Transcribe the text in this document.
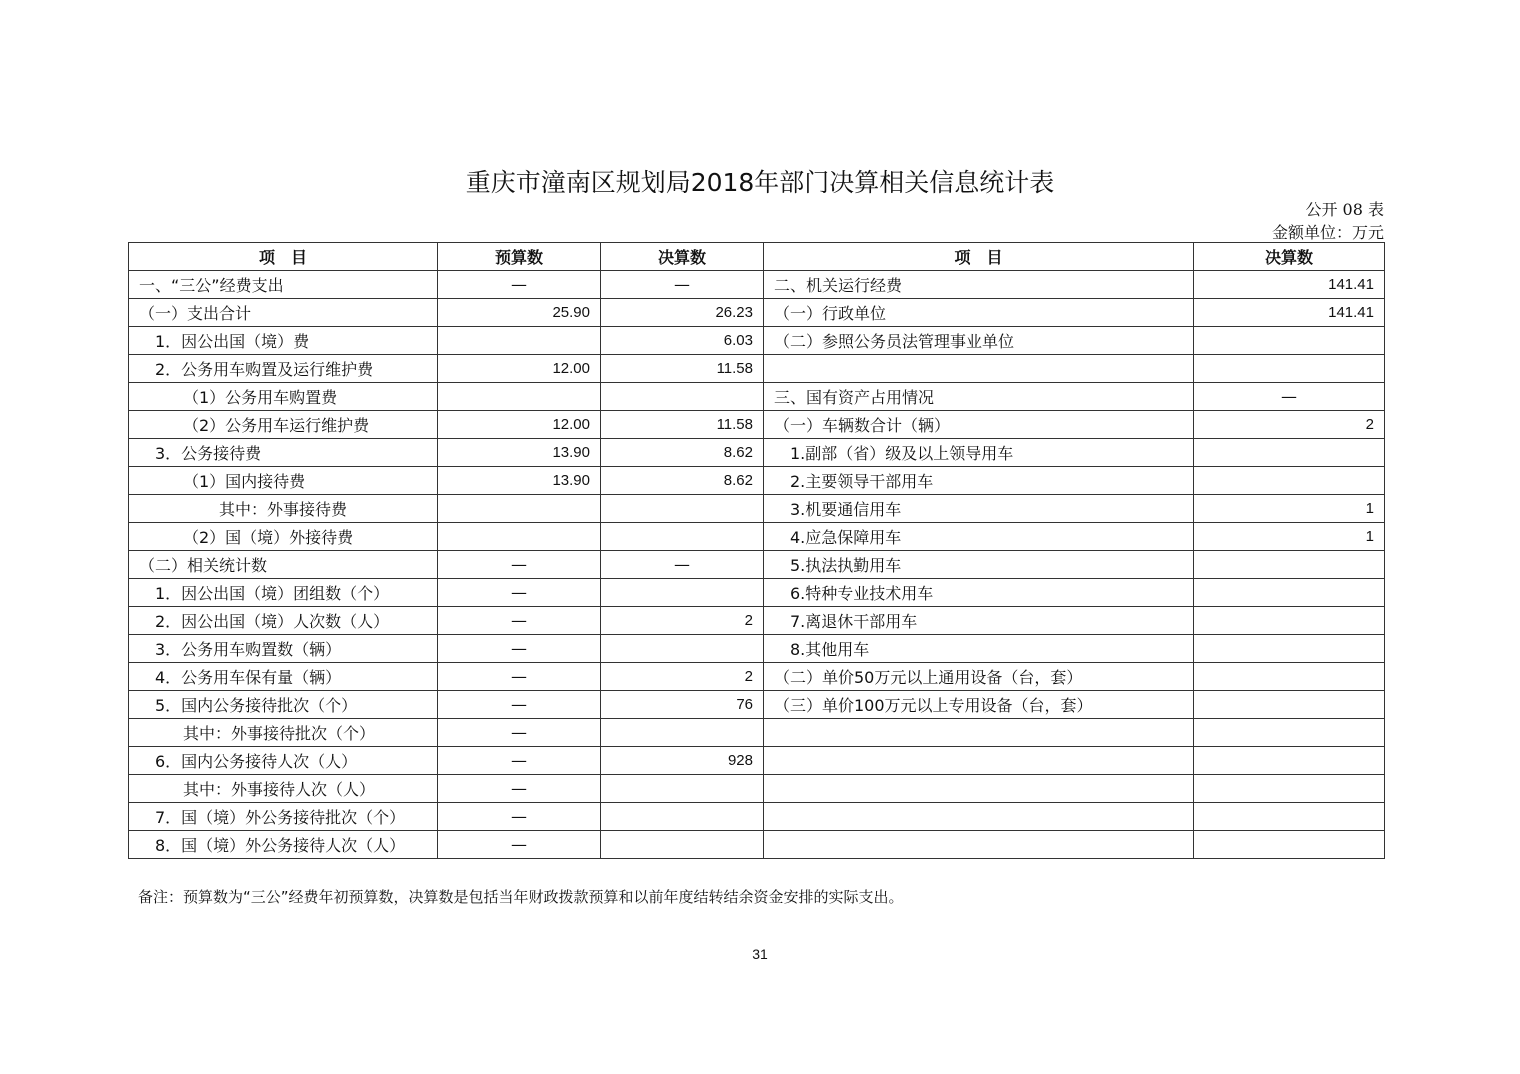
重庆市潼南区规划局2018年部门决算相关信息统计表
公开 08 表
金额单位：万元
项　目	预算数	决算数	项　目	决算数
一、“三公”经费支出	—	—	二、机关运行经费	141.41
（一）支出合计	25.90	26.23	（一）行政单位	141.41
1．因公出国（境）费		6.03	（二）参照公务员法管理事业单位	
2．公务用车购置及运行维护费	12.00	11.58		
（1）公务用车购置费			三、国有资产占用情况	—
（2）公务用车运行维护费	12.00	11.58	（一）车辆数合计（辆）	2
3．公务接待费	13.90	8.62	1.副部（省）级及以上领导用车	
（1）国内接待费	13.90	8.62	2.主要领导干部用车	
其中：外事接待费			3.机要通信用车	1
（2）国（境）外接待费			4.应急保障用车	1
（二）相关统计数	—	—	5.执法执勤用车	
1．因公出国（境）团组数（个）	—		6.特种专业技术用车	
2．因公出国（境）人次数（人）	—	2	7.离退休干部用车	
3．公务用车购置数（辆）	—		8.其他用车	
4．公务用车保有量（辆）	—	2	（二）单价50万元以上通用设备（台，套）	
5．国内公务接待批次（个）	—	76	（三）单价100万元以上专用设备（台，套）	
其中：外事接待批次（个）	—			
6．国内公务接待人次（人）	—	928		
其中：外事接待人次（人）	—			
7．国（境）外公务接待批次（个）	—			
8．国（境）外公务接待人次（人）	—			
备注：预算数为“三公”经费年初预算数，决算数是包括当年财政拨款预算和以前年度结转结余资金安排的实际支出。
31
